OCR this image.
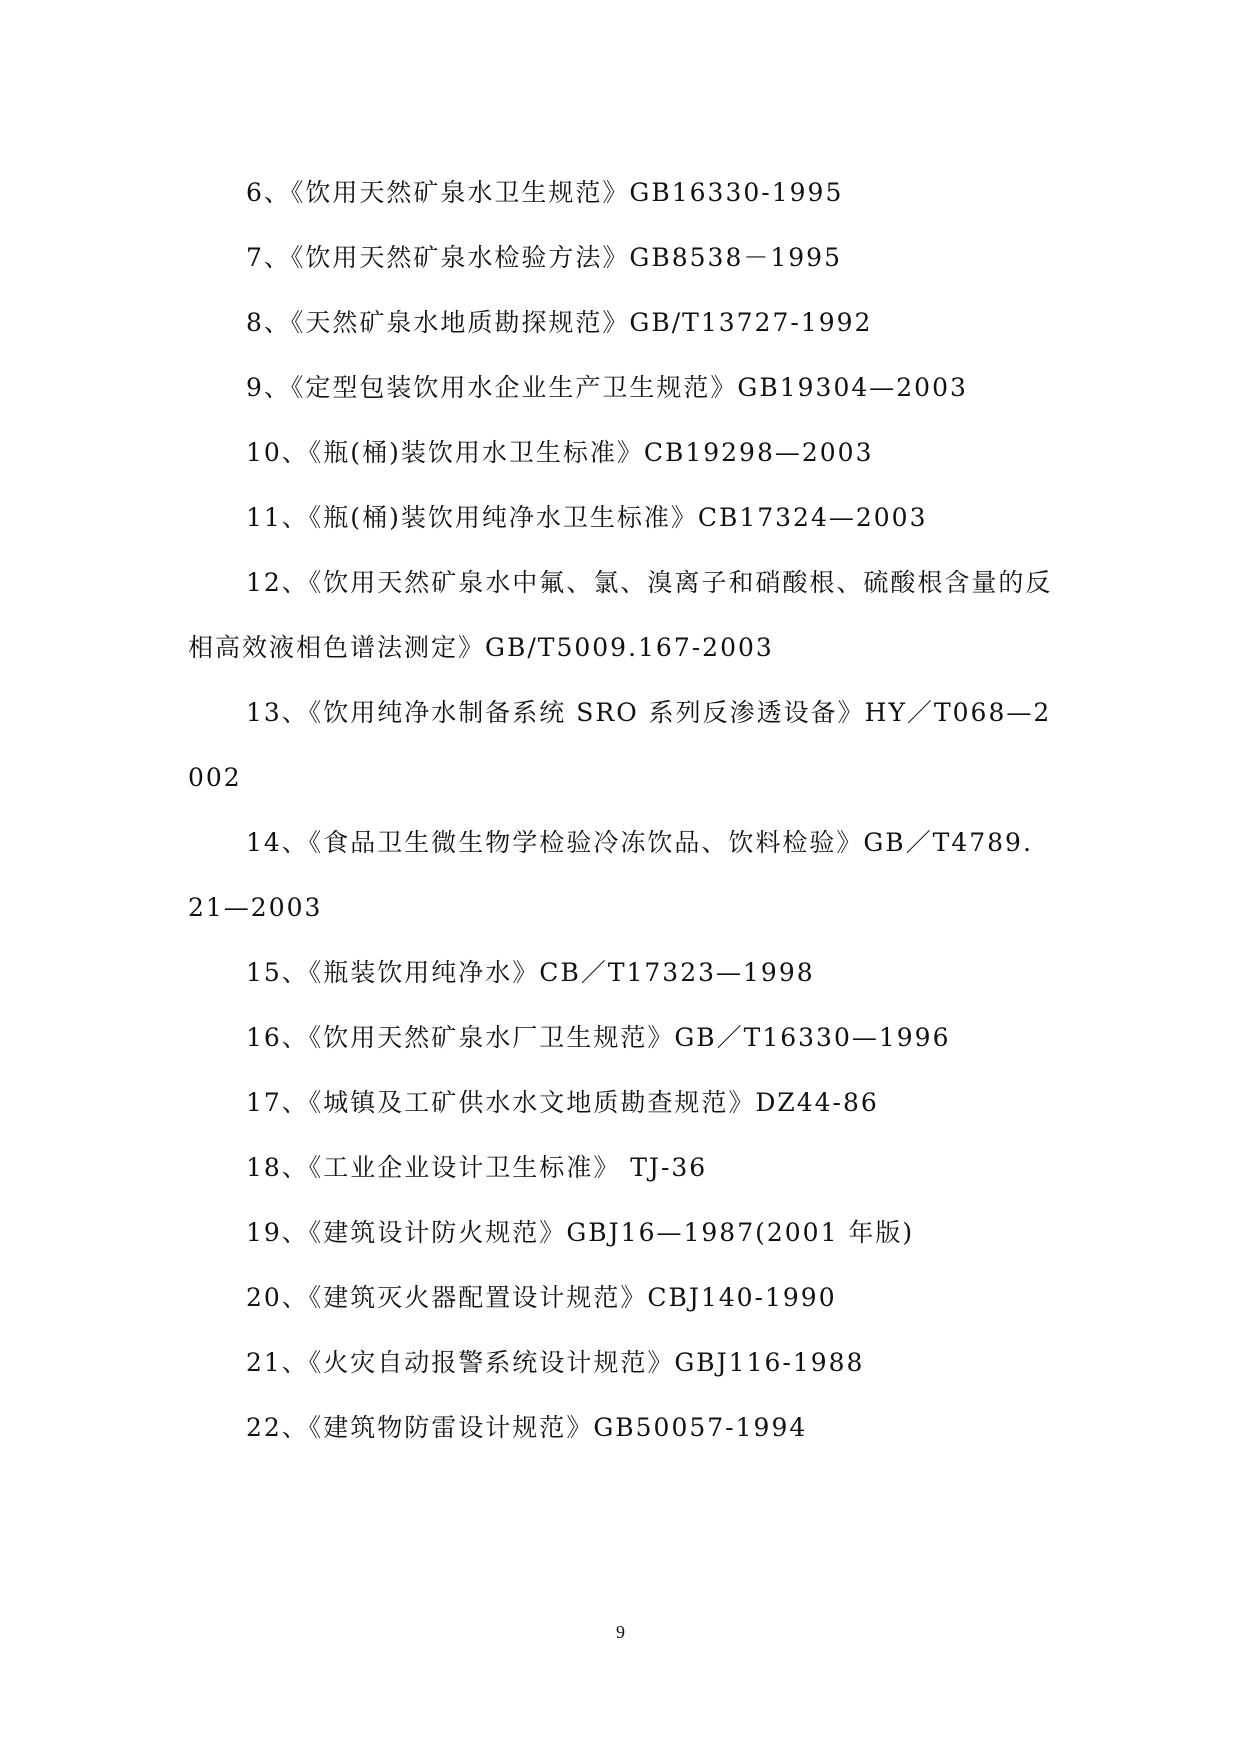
6、《饮用天然矿泉水卫生规范》GB16330-1995

7、《饮用天然矿泉水检验方法》GB8538－1995

8、《天然矿泉水地质勘探规范》GB/T13727-1992

9、《定型包装饮用水企业生产卫生规范》GB19304—2003

10、《瓶(桶)装饮用水卫生标准》CB19298—2003

11、《瓶(桶)装饮用纯净水卫生标准》CB17324—2003

12、《饮用天然矿泉水中氟、氯、溴离子和硝酸根、硫酸根含量的反相高效液相色谱法测定》GB/T5009.167-2003

13、《饮用纯净水制备系统 SRO 系列反渗透设备》HY／T068—2002

14、《食品卫生微生物学检验冷冻饮品、饮料检验》GB／T4789. 21—2003

15、《瓶装饮用纯净水》CB／T17323—1998

16、《饮用天然矿泉水厂卫生规范》GB／T16330—1996

17、《城镇及工矿供水水文地质勘查规范》DZ44-86

18、《工业企业设计卫生标准》 TJ-36

19、《建筑设计防火规范》GBJ16—1987(2001 年版)

20、《建筑灭火器配置设计规范》CBJ140-1990

21、《火灾自动报警系统设计规范》GBJ116-1988

22、《建筑物防雷设计规范》GB50057-1994

9
